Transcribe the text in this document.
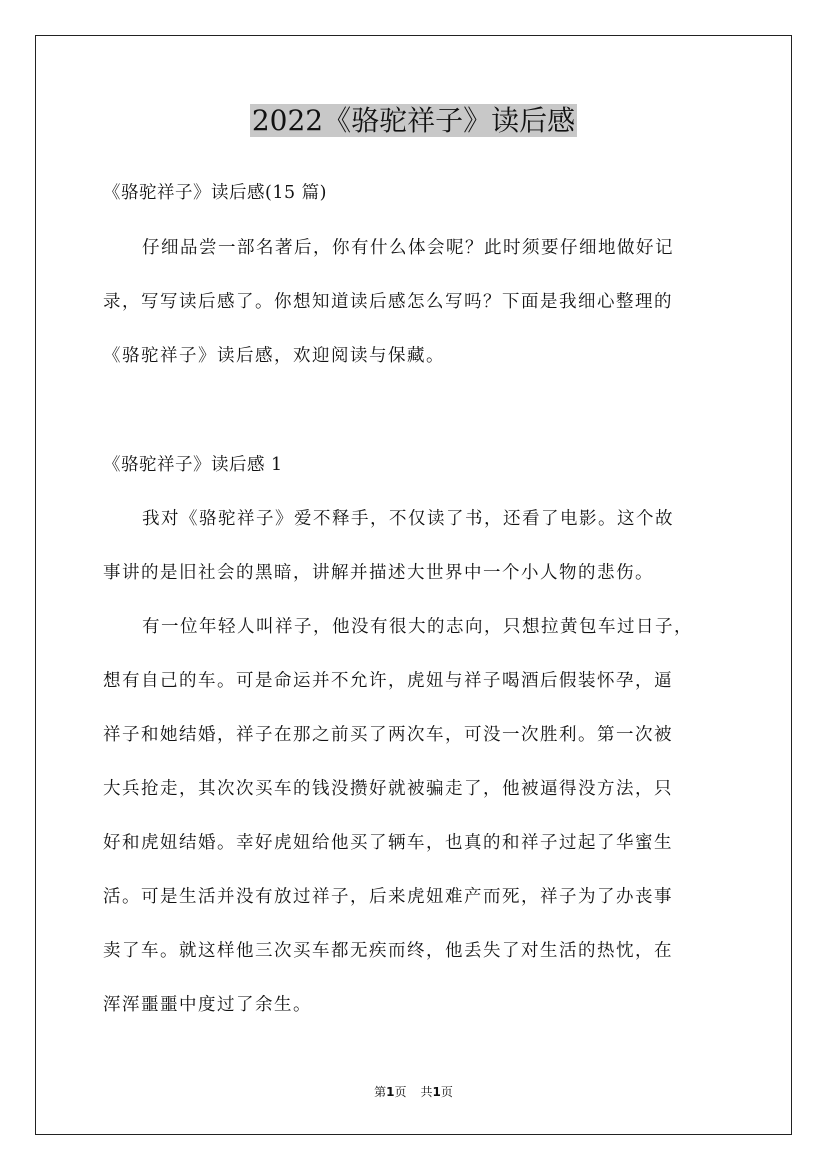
2022《骆驼祥子》读后感
《骆驼祥子》读后感(15 篇)
仔细品尝一部名著后，你有什么体会呢？此时须要仔细地做好记
录，写写读后感了。你想知道读后感怎么写吗？下面是我细心整理的
《骆驼祥子》读后感，欢迎阅读与保藏。
《骆驼祥子》读后感 1
我对《骆驼祥子》爱不释手，不仅读了书，还看了电影。这个故
事讲的是旧社会的黑暗，讲解并描述大世界中一个小人物的悲伤。
有一位年轻人叫祥子，他没有很大的志向，只想拉黄包车过日子，
想有自己的车。可是命运并不允许，虎妞与祥子喝酒后假装怀孕，逼
祥子和她结婚，祥子在那之前买了两次车，可没一次胜利。第一次被
大兵抢走，其次次买车的钱没攒好就被骗走了，他被逼得没方法，只
好和虎妞结婚。幸好虎妞给他买了辆车，也真的和祥子过起了华蜜生
活。可是生活并没有放过祥子，后来虎妞难产而死，祥子为了办丧事
卖了车。就这样他三次买车都无疾而终，他丢失了对生活的热忱，在
浑浑噩噩中度过了余生。
第1页 共1页
